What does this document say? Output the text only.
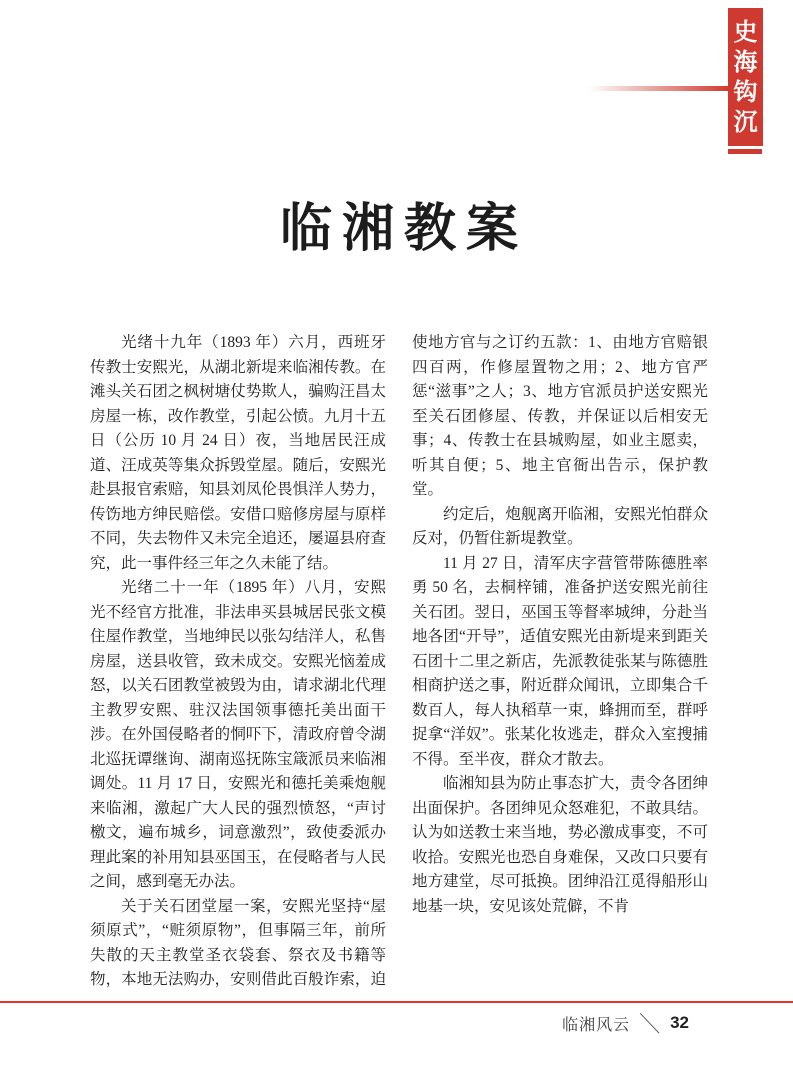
史
海
钩
沉
临湘教案

光绪十九年（1893 年）六月，西班牙传教士安熙光，从湖北新堤来临湘传教。在滩头关石团之枫树塘仗势欺人，骗购汪昌太房屋一栋，改作教堂，引起公愤。九月十五日（公历 10 月 24 日）夜，当地居民汪成道、汪成英等集众拆毁堂屋。随后，安熙光赴县报官索赔，知县刘凤伦畏惧洋人势力，传饬地方绅民赔偿。安借口赔修房屋与原样不同，失去物件又未完全追还，屡逼县府查究，此一事件经三年之久未能了结。

光绪二十一年（1895 年）八月，安熙光不经官方批准，非法串买县城居民张文模住屋作教堂，当地绅民以张勾结洋人，私售房屋，送县收管，致未成交。安熙光恼羞成怒，以关石团教堂被毁为由，请求湖北代理主教罗安熙、驻汉法国领事德托美出面干涉。在外国侵略者的恫吓下，清政府曾令湖北巡抚谭继询、湖南巡抚陈宝箴派员来临湘调处。11 月 17 日，安熙光和德托美乘炮舰来临湘，激起广大人民的强烈愤怒，“声讨檄文，遍布城乡，词意激烈”，致使委派办理此案的补用知县巫国玉，在侵略者与人民之间，感到毫无办法。

关于关石团堂屋一案，安熙光坚持“屋须原式”，“赃须原物”，但事隔三年，前所失散的天主教堂圣衣袋套、祭衣及书籍等物，本地无法购办，安则借此百般诈索，迫使地方官与之订约五款：1、由地方官赔银四百两，作修屋置物之用；2、地方官严惩“滋事”之人；3、地方官派员护送安熙光至关石团修屋、传教，并保证以后相安无事；4、传教士在县城购屋，如业主愿卖，听其自便；5、地主官衙出告示，保护教堂。

约定后，炮舰离开临湘，安熙光怕群众反对，仍暂住新堤教堂。

11 月 27 日，清军庆字营管带陈德胜率勇 50 名，去桐梓铺，准备护送安熙光前往关石团。翌日，巫国玉等督率城绅，分赴当地各团“开导”，适值安熙光由新堤来到距关石团十二里之新店，先派教徒张某与陈德胜相商护送之事，附近群众闻讯，立即集合千数百人，每人执稻草一束，蜂拥而至，群呼捉拿“洋奴”。张某化妆逃走，群众入室搜捕不得。至半夜，群众才散去。

临湘知县为防止事态扩大，责令各团绅出面保护。各团绅见众怒难犯，不敢具结。认为如送教士来当地，势必激成事变，不可收拾。安熙光也恐自身难保，又改口只要有地方建堂，尽可抵换。团绅沿江觅得船形山地基一块，安见该处荒僻，不肯

临湘风云 ＼ 32
